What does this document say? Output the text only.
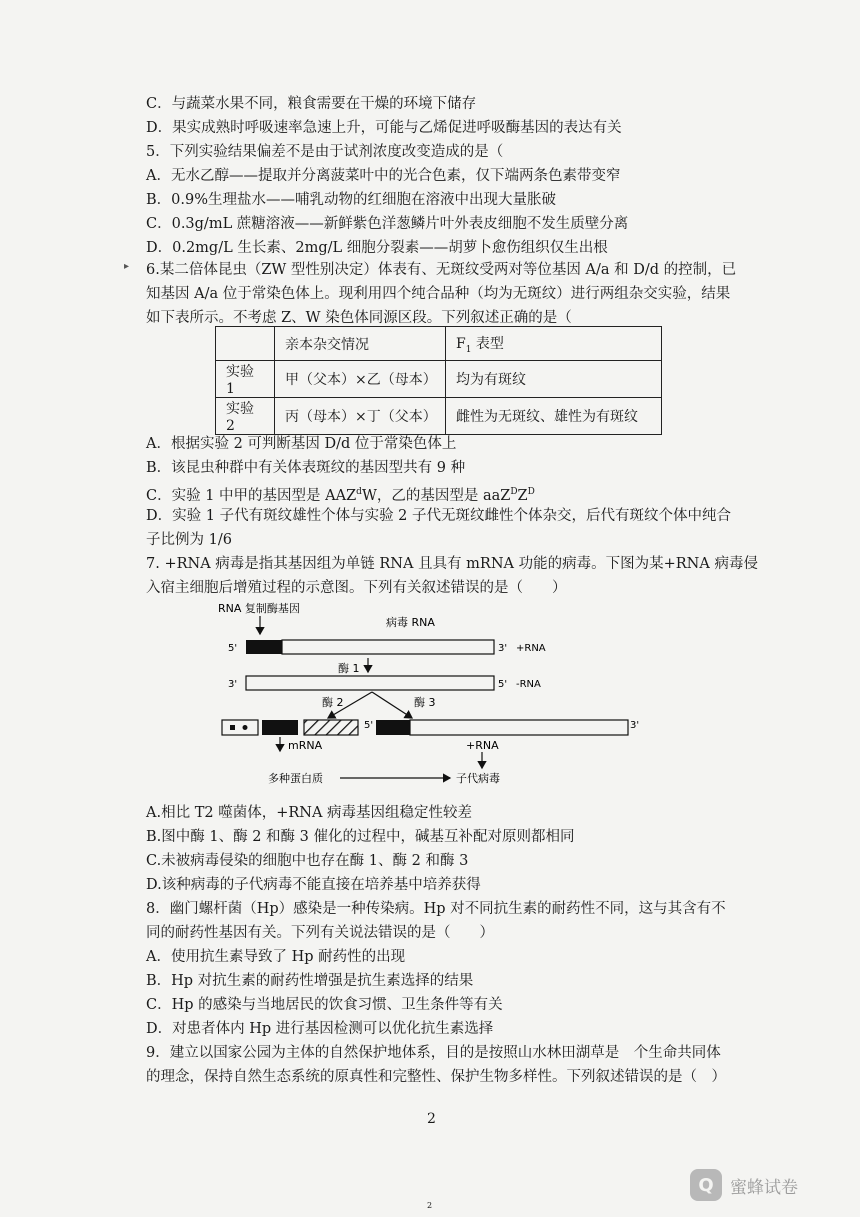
C．与蔬菜水果不同，粮食需要在干燥的环境下储存
D．果实成熟时呼吸速率急速上升，可能与乙烯促进呼吸酶基因的表达有关
5．下列实验结果偏差不是由于试剂浓度改变造成的是（
A．无水乙醇——提取并分离菠菜叶中的光合色素，仅下端两条色素带变窄
B．0.9%生理盐水——哺乳动物的红细胞在溶液中出现大量胀破
C．0.3g/mL 蔗糖溶液——新鲜紫色洋葱鳞片叶外表皮细胞不发生质壁分离
D．0.2mg/L 生长素、2mg/L 细胞分裂素——胡萝卜愈伤组织仅生出根
▸ 6.某二倍体昆虫（ZW 型性别决定）体表有、无斑纹受两对等位基因 A/a 和 D/d 的控制，已
知基因 A/a 位于常染色体上。现利用四个纯合品种（均为无斑纹）进行两组杂交实验，结果
如下表所示。不考虑 Z、W 染色体同源区段。下列叙述正确的是（
	亲本杂交情况	$F_1$ 表型
实验 1	甲（父本）×乙（母本）	均为有斑纹
实验 2	丙（母本）×丁（父本）	雌性为无斑纹、雄性为有斑纹
A．根据实验 2 可判断基因 D/d 位于常染色体上
B．该昆虫种群中有关体表斑纹的基因型共有 9 种
C．实验 1 中甲的基因型是 AAZ$^d$W，乙的基因型是 $aaZ^DZ^D$
D．实验 1 子代有斑纹雄性个体与实验 2 子代无斑纹雌性个体杂交，后代有斑纹个体中纯合
子比例为 1/6
7. +RNA 病毒是指其基因组为单链 RNA 且具有 mRNA 功能的病毒。下图为某+RNA 病毒侵
入宿主细胞后增殖过程的示意图。下列有关叙述错误的是（　　）
RNA 复制酶基因
病毒 RNA
5'	3' +RNA
酶 1
3'	5' -RNA
酶 2	酶 3
5'	3'
mRNA	+RNA
多种蛋白质	子代病毒
A.相比 T2 噬菌体，+RNA 病毒基因组稳定性较差
B.图中酶 1、酶 2 和酶 3 催化的过程中，碱基互补配对原则都相同
C.未被病毒侵染的细胞中也存在酶 1、酶 2 和酶 3
D.该种病毒的子代病毒不能直接在培养基中培养获得
8．幽门螺杆菌（Hp）感染是一种传染病。Hp 对不同抗生素的耐药性不同，这与其含有不
同的耐药性基因有关。下列有关说法错误的是（　　）
A．使用抗生素导致了 Hp 耐药性的出现
B．Hp 对抗生素的耐药性增强是抗生素选择的结果
C．Hp 的感染与当地居民的饮食习惯、卫生条件等有关
D．对患者体内 Hp 进行基因检测可以优化抗生素选择
9．建立以国家公园为主体的自然保护地体系，目的是按照山水林田湖草是　个生命共同体
的理念，保持自然生态系统的原真性和完整性、保护生物多样性。下列叙述错误的是（　）
2
Q 蜜蜂试卷
2
